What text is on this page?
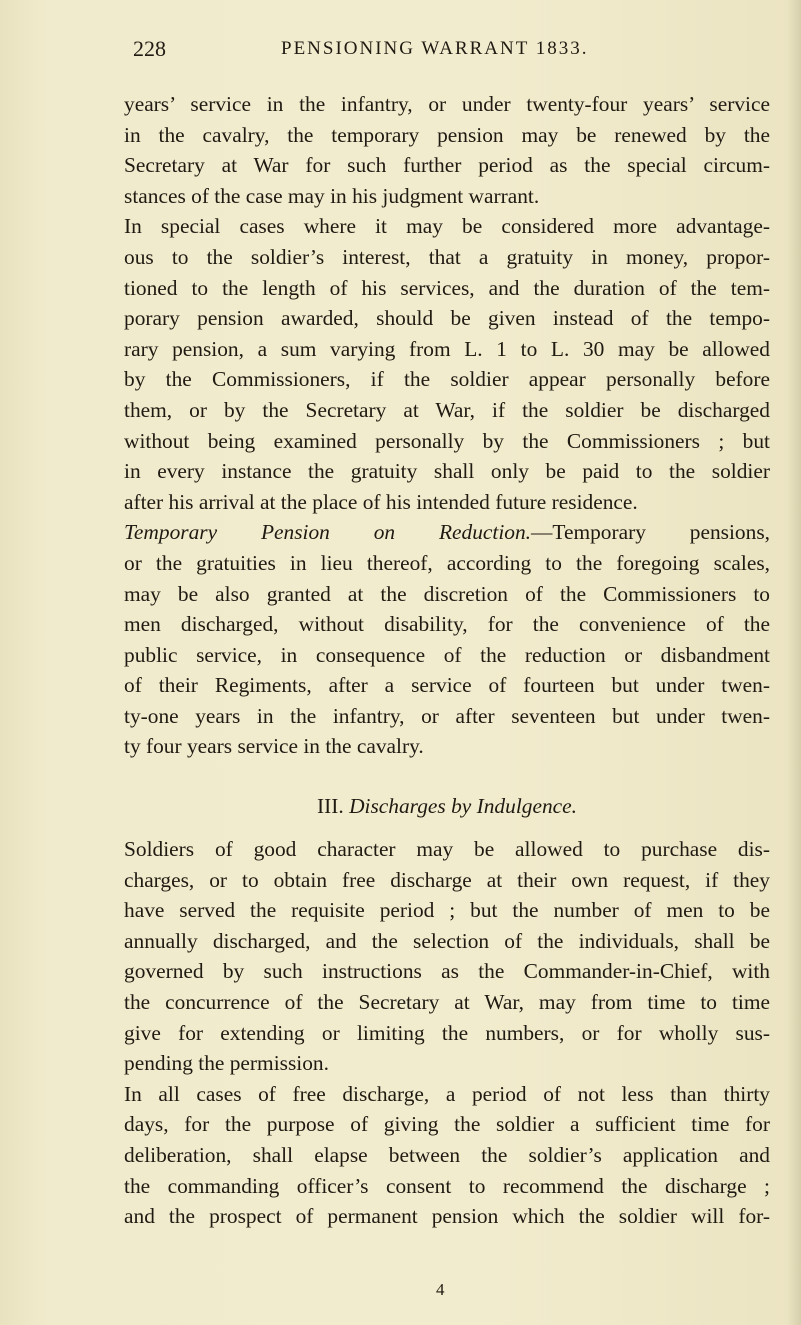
228	PENSIONING WARRANT 1833.
years’ service in the infantry, or under twenty-four years’ service
in the cavalry, the temporary pension may be renewed by the
Secretary at War for such further period as the special circum-
stances of the case may in his judgment warrant.
In special cases where it may be considered more advantage-
ous to the soldier’s interest, that a gratuity in money, propor-
tioned to the length of his services, and the duration of the tem-
porary pension awarded, should be given instead of the tempo-
rary pension, a sum varying from L. 1 to L. 30 may be allowed
by the Commissioners, if the soldier appear personally before
them, or by the Secretary at War, if the soldier be discharged
without being examined personally by the Commissioners ; but
in every instance the gratuity shall only be paid to the soldier
after his arrival at the place of his intended future residence.
Temporary Pension on Reduction.—Temporary pensions,
or the gratuities in lieu thereof, according to the foregoing scales,
may be also granted at the discretion of the Commissioners to
men discharged, without disability, for the convenience of the
public service, in consequence of the reduction or disbandment
of their Regiments, after a service of fourteen but under twen-
ty-one years in the infantry, or after seventeen but under twen-
ty four years service in the cavalry.
III. Discharges by Indulgence.
Soldiers of good character may be allowed to purchase dis-
charges, or to obtain free discharge at their own request, if they
have served the requisite period ; but the number of men to be
annually discharged, and the selection of the individuals, shall be
governed by such instructions as the Commander-in-Chief, with
the concurrence of the Secretary at War, may from time to time
give for extending or limiting the numbers, or for wholly sus-
pending the permission.
In all cases of free discharge, a period of not less than thirty
days, for the purpose of giving the soldier a sufficient time for
deliberation, shall elapse between the soldier’s application and
the commanding officer’s consent to recommend the discharge ;
and the prospect of permanent pension which the soldier will for-
4
